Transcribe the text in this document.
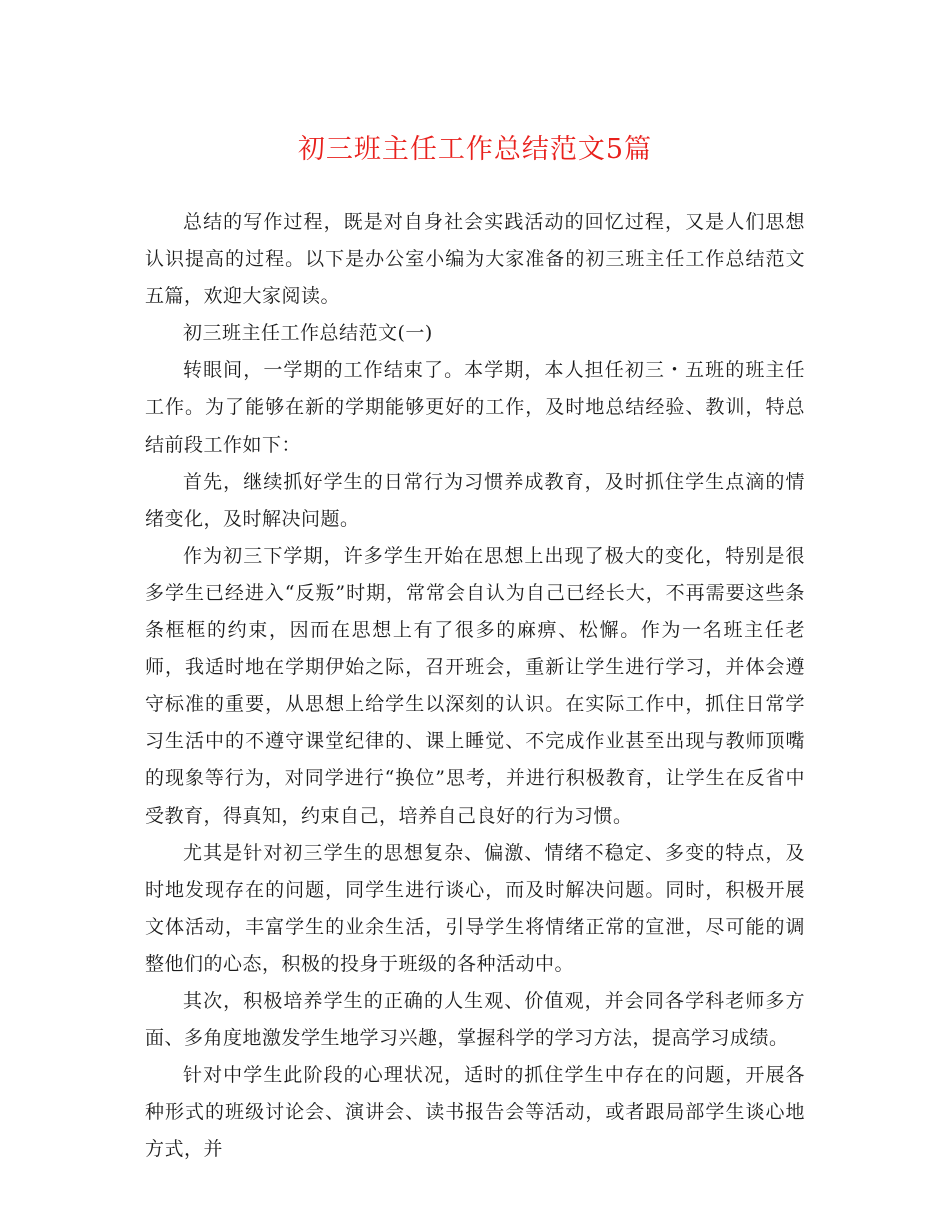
初三班主任工作总结范文5篇

总结的写作过程，既是对自身社会实践活动的回忆过程，又是人们思想认识提高的过程。以下是办公室小编为大家准备的初三班主任工作总结范文五篇，欢迎大家阅读。

初三班主任工作总结范文(一)

转眼间，一学期的工作结束了。本学期，本人担任初三・五班的班主任工作。为了能够在新的学期能够更好的工作，及时地总结经验、教训，特总结前段工作如下：

首先，继续抓好学生的日常行为习惯养成教育，及时抓住学生点滴的情绪变化，及时解决问题。

作为初三下学期，许多学生开始在思想上出现了极大的变化，特别是很多学生已经进入“反叛”时期，常常会自认为自己已经长大，不再需要这些条条框框的约束，因而在思想上有了很多的麻痹、松懈。作为一名班主任老师，我适时地在学期伊始之际，召开班会，重新让学生进行学习，并体会遵守标准的重要，从思想上给学生以深刻的认识。在实际工作中，抓住日常学习生活中的不遵守课堂纪律的、课上睡觉、不完成作业甚至出现与教师顶嘴的现象等行为，对同学进行“换位”思考，并进行积极教育，让学生在反省中受教育，得真知，约束自己，培养自己良好的行为习惯。

尤其是针对初三学生的思想复杂、偏激、情绪不稳定、多变的特点，及时地发现存在的问题，同学生进行谈心，而及时解决问题。同时，积极开展文体活动，丰富学生的业余生活，引导学生将情绪正常的宣泄，尽可能的调整他们的心态，积极的投身于班级的各种活动中。

其次，积极培养学生的正确的人生观、价值观，并会同各学科老师多方面、多角度地激发学生地学习兴趣，掌握科学的学习方法，提高学习成绩。

针对中学生此阶段的心理状况，适时的抓住学生中存在的问题，开展各种形式的班级讨论会、演讲会、读书报告会等活动，或者跟局部学生谈心地方式，并
